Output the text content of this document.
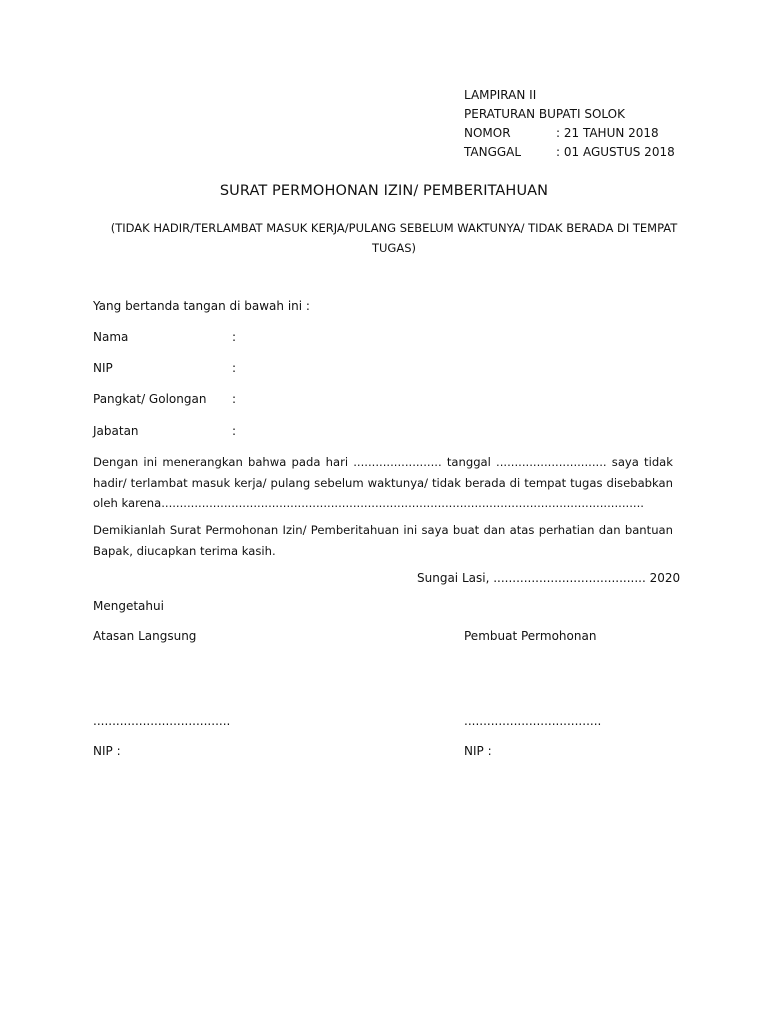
LAMPIRAN II
PERATURAN BUPATI SOLOK
NOMOR	: 21 TAHUN 2018
TANGGAL	: 01 AGUSTUS 2018
SURAT PERMOHONAN IZIN/ PEMBERITAHUAN
(TIDAK HADIR/TERLAMBAT MASUK KERJA/PULANG SEBELUM WAKTUNYA/ TIDAK BERADA DI TEMPAT TUGAS)
Yang bertanda tangan di bawah ini :
Nama	:
NIP	:
Pangkat/ Golongan :
Jabatan	:
Dengan ini menerangkan bahwa pada hari ........................ tanggal .............................. saya tidak hadir/ terlambat masuk kerja/ pulang sebelum waktunya/ tidak berada di tempat tugas disebabkan oleh karena...................................................................................................................................
Demikianlah Surat Permohonan Izin/ Pemberitahuan ini saya buat dan atas perhatian dan bantuan Bapak, diucapkan terima kasih.
Sungai Lasi, ........................................ 2020
Mengetahui
Atasan Langsung	Pembuat Permohonan
....................................	....................................
NIP :	NIP :
